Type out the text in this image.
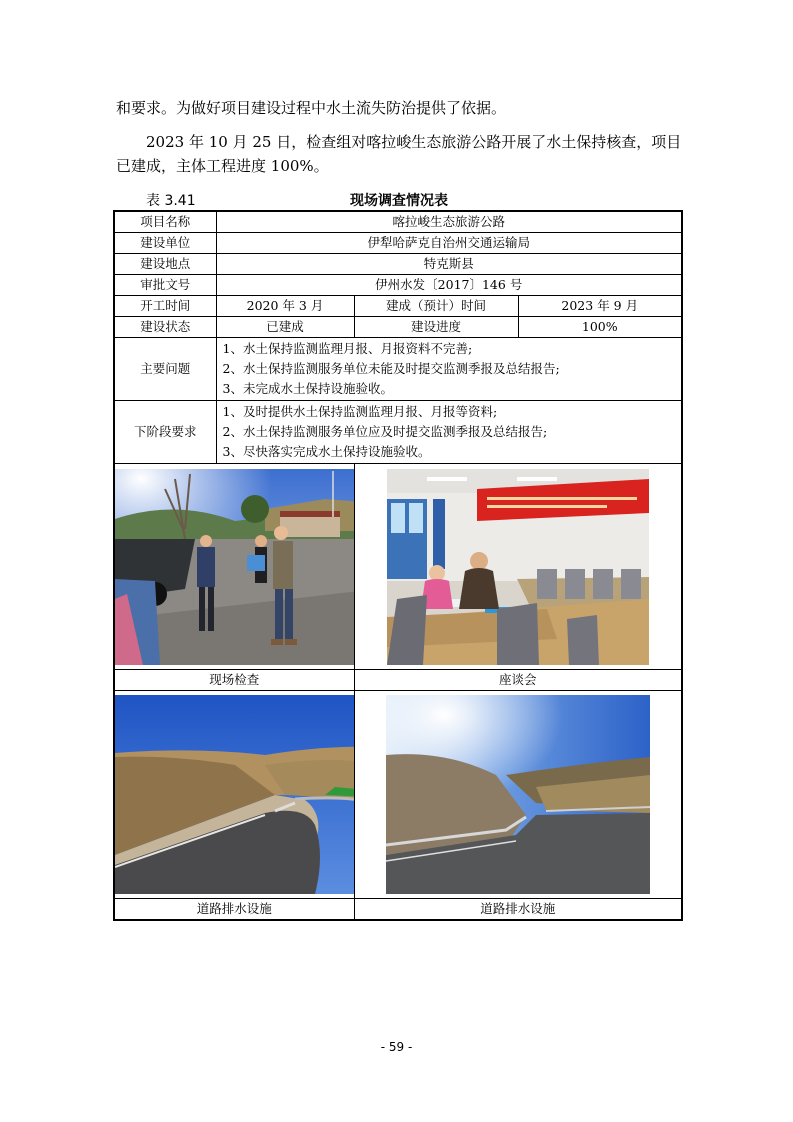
和要求。为做好项目建设过程中水土流失防治提供了依据。

2023 年 10 月 25 日，检查组对喀拉峻生态旅游公路开展了水土保持核查，项目已建成，主体工程进度 100%。

表 3.41	现场调查情况表
项目名称	喀拉峻生态旅游公路		
建设单位	伊犁哈萨克自治州交通运输局		
建设地点	特克斯县		
审批文号	伊州水发〔2017〕146 号		
开工时间	2020 年 3 月	建成（预计）时间	2023 年 9 月
建设状态	已建成	建设进度	100%
主要问题	1、水土保持监测监理月报、月报资料不完善;
2、水土保持监测服务单位未能及时提交监测季报及总结报告;
3、未完成水土保持设施验收。		

下阶段要求	1、及时提供水土保持监测监理月报、月报等资料;
2、水土保持监测服务单位应及时提交监测季报及总结报告;
3、尽快落实完成水土保持设施验收。		

现场检查		座谈会	

道路排水设施		道路排水设施	
- 59 -
